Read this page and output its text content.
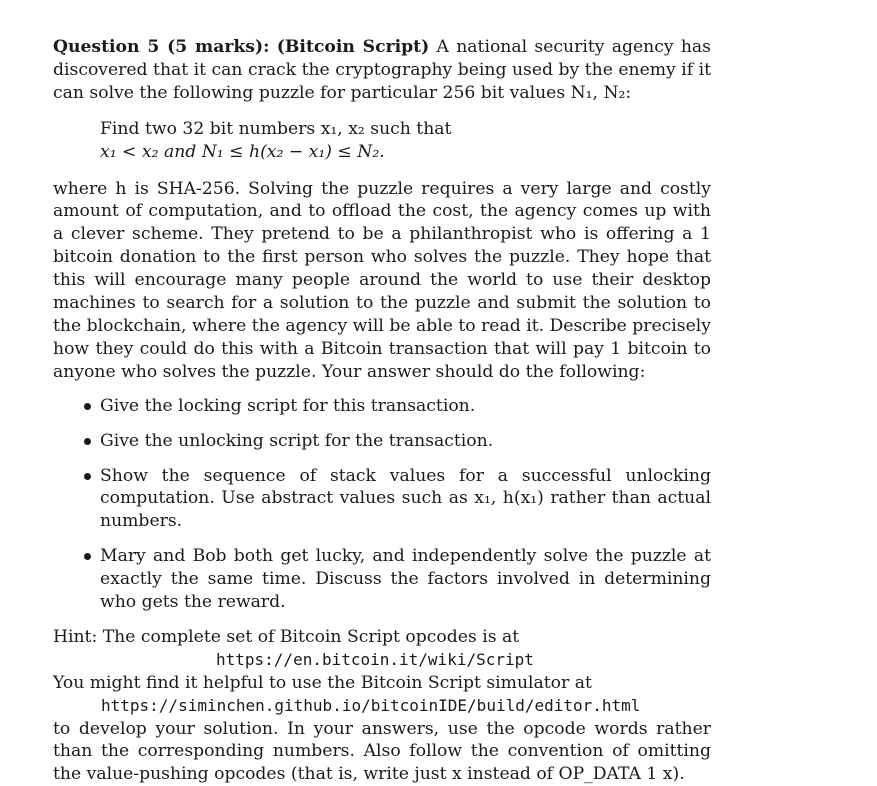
Question 5 (5 marks): (Bitcoin Script) A national security agency has discovered that it can crack the cryptography being used by the enemy if it can solve the following puzzle for particular 256 bit values N₁, N₂:

Find two 32 bit numbers x₁, x₂ such that
x₁ < x₂ and N₁ ≤ h(x₂ − x₁) ≤ N₂.

where h is SHA-256. Solving the puzzle requires a very large and costly amount of computation, and to offload the cost, the agency comes up with a clever scheme. They pretend to be a philanthropist who is offering a 1 bitcoin donation to the first person who solves the puzzle. They hope that this will encourage many people around the world to use their desktop machines to search for a solution to the puzzle and submit the solution to the blockchain, where the agency will be able to read it. Describe precisely how they could do this with a Bitcoin transaction that will pay 1 bitcoin to anyone who solves the puzzle. Your answer should do the following:

Give the locking script for this transaction.
Give the unlocking script for the transaction.
Show the sequence of stack values for a successful unlocking computation. Use abstract values such as x₁, h(x₁) rather than actual numbers.
Mary and Bob both get lucky, and independently solve the puzzle at exactly the same time. Discuss the factors involved in determining who gets the reward.
Hint: The complete set of Bitcoin Script opcodes is at
https://en.bitcoin.it/wiki/Script
You might find it helpful to use the Bitcoin Script simulator at
https://siminchen.github.io/bitcoinIDE/build/editor.html

to develop your solution. In your answers, use the opcode words rather than the corresponding numbers. Also follow the convention of omitting the value-pushing opcodes (that is, write just x instead of OP_DATA 1 x).
